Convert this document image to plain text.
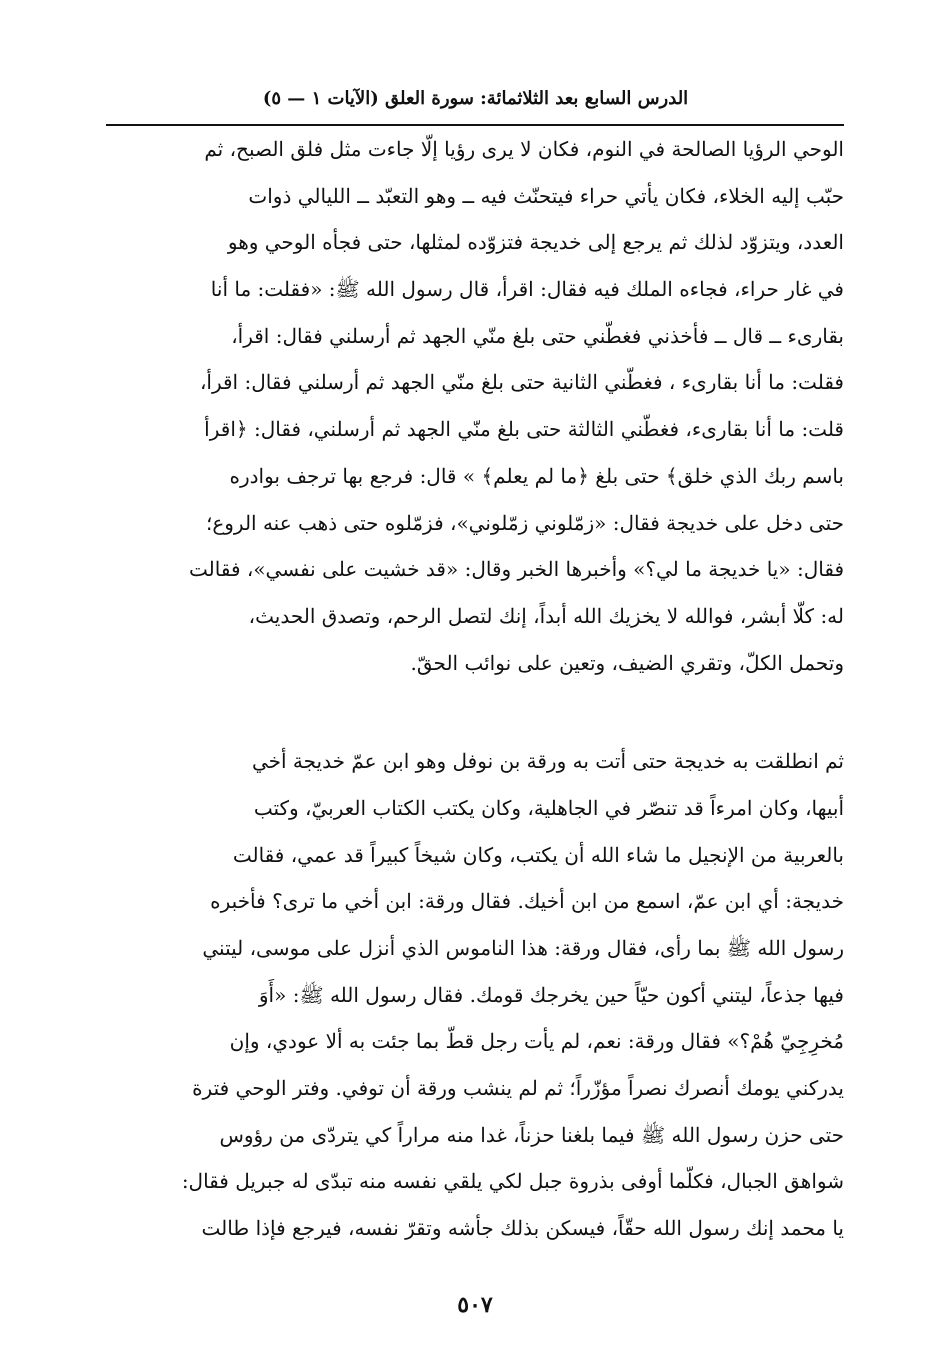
الدرس السابع بعد الثلاثمائة: سورة العلق (الآيات ١ — ٥)
الوحي الرؤيا الصالحة في النوم، فكان لا يرى رؤيا إلّا جاءت مثل فلق الصبح، ثم
حبّب إليه الخلاء، فكان يأتي حراء فيتحنّث فيه ــ وهو التعبّد ــ الليالي ذوات
العدد، ويتزوّد لذلك ثم يرجع إلى خديجة فتزوّده لمثلها، حتى فجأه الوحي وهو
في غار حراء، فجاءه الملك فيه فقال: اقرأ، قال رسول الله ﷺ: «فقلت: ما أنا
بقارىء ــ قال ــ فأخذني فغطّني حتى بلغ منّي الجهد ثم أرسلني فقال: اقرأ،
فقلت: ما أنا بقارىء ، فغطّني الثانية حتى بلغ منّي الجهد ثم أرسلني فقال: اقرأ،
قلت: ما أنا بقارىء، فغطّني الثالثة حتى بلغ منّي الجهد ثم أرسلني، فقال: ﴿اقرأ
باسم ربك الذي خلق﴾ حتى بلغ ﴿ما لم يعلم﴾ » قال: فرجع بها ترجف بوادره
حتى دخل على خديجة فقال: «زمّلوني زمّلوني»، فزمّلوه حتى ذهب عنه الروع؛
فقال: «يا خديجة ما لي؟» وأخبرها الخبر وقال: «قد خشيت على نفسي»، فقالت
له: كلّا أبشر، فوالله لا يخزيك الله أبداً، إنك لتصل الرحم، وتصدق الحديث،
وتحمل الكلّ، وتقري الضيف، وتعين على نوائب الحقّ.
ثم انطلقت به خديجة حتى أتت به ورقة بن نوفل وهو ابن عمّ خديجة أخي
أبيها، وكان امرءاً قد تنصّر في الجاهلية، وكان يكتب الكتاب العربيّ، وكتب
بالعربية من الإنجيل ما شاء الله أن يكتب، وكان شيخاً كبيراً قد عمي، فقالت
خديجة: أي ابن عمّ، اسمع من ابن أخيك. فقال ورقة: ابن أخي ما ترى؟ فأخبره
رسول الله ﷺ بما رأى، فقال ورقة: هذا الناموس الذي أنزل على موسى، ليتني
فيها جذعاً، ليتني أكون حيّاً حين يخرجك قومك. فقال رسول الله ﷺ: «أَوَ
مُخرِجِيّ هُمْ؟» فقال ورقة: نعم، لم يأت رجل قطّ بما جئت به ألا عودي، وإن
يدركني يومك أنصرك نصراً مؤزّراً؛ ثم لم ينشب ورقة أن توفي. وفتر الوحي فترة
حتى حزن رسول الله ﷺ فيما بلغنا حزناً، غدا منه مراراً كي يتردّى من رؤوس
شواهق الجبال، فكلّما أوفى بذروة جبل لكي يلقي نفسه منه تبدّى له جبريل فقال:
يا محمد إنك رسول الله حقّاً، فيسكن بذلك جأشه وتقرّ نفسه، فيرجع فإذا طالت
٥٠٧
